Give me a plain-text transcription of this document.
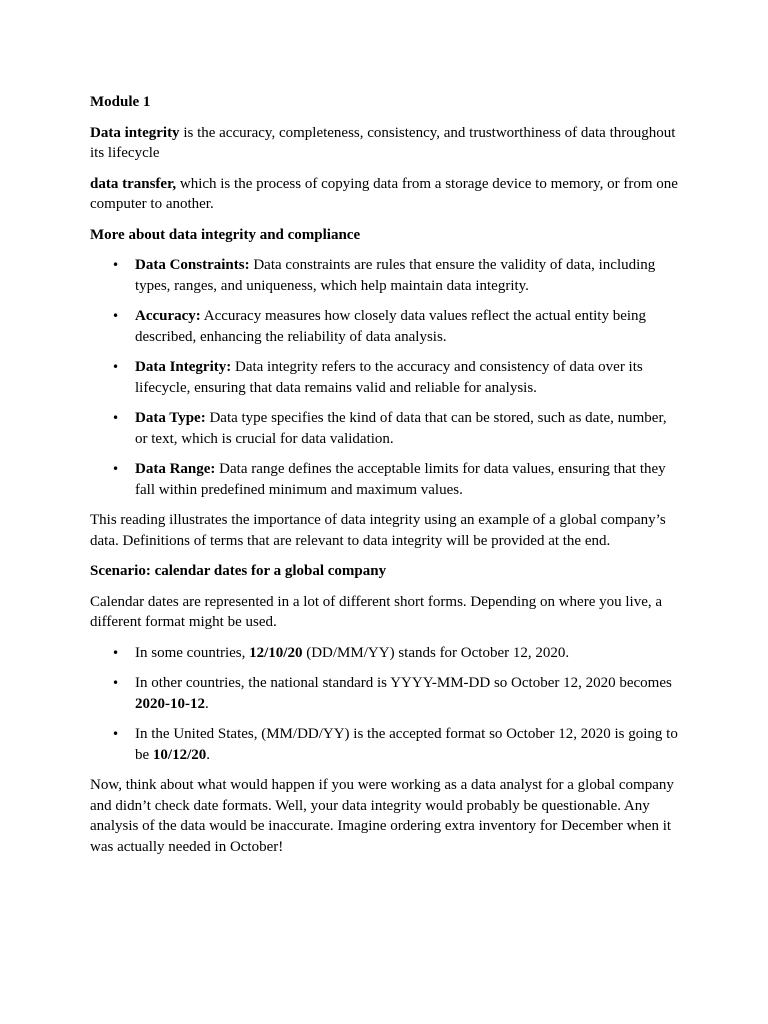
Module 1

Data integrity is the accuracy, completeness, consistency, and trustworthiness of data throughout its lifecycle

data transfer, which is the process of copying data from a storage device to memory, or from one computer to another.

More about data integrity and compliance
• Data Constraints: Data constraints are rules that ensure the validity of data, including types, ranges, and uniqueness, which help maintain data integrity.
• Accuracy: Accuracy measures how closely data values reflect the actual entity being described, enhancing the reliability of data analysis.
• Data Integrity: Data integrity refers to the accuracy and consistency of data over its lifecycle, ensuring that data remains valid and reliable for analysis.
• Data Type: Data type specifies the kind of data that can be stored, such as date, number, or text, which is crucial for data validation.
• Data Range: Data range defines the acceptable limits for data values, ensuring that they fall within predefined minimum and maximum values.

This reading illustrates the importance of data integrity using an example of a global company’s data. Definitions of terms that are relevant to data integrity will be provided at the end.

Scenario: calendar dates for a global company

Calendar dates are represented in a lot of different short forms. Depending on where you live, a different format might be used.

• In some countries, 12/10/20 (DD/MM/YY) stands for October 12, 2020.
• In other countries, the national standard is YYYY-MM-DD so October 12, 2020 becomes 2020-10-12.
• In the United States, (MM/DD/YY) is the accepted format so October 12, 2020 is going to be 10/12/20.

Now, think about what would happen if you were working as a data analyst for a global company and didn’t check date formats. Well, your data integrity would probably be questionable. Any analysis of the data would be inaccurate. Imagine ordering extra inventory for December when it was actually needed in October!
